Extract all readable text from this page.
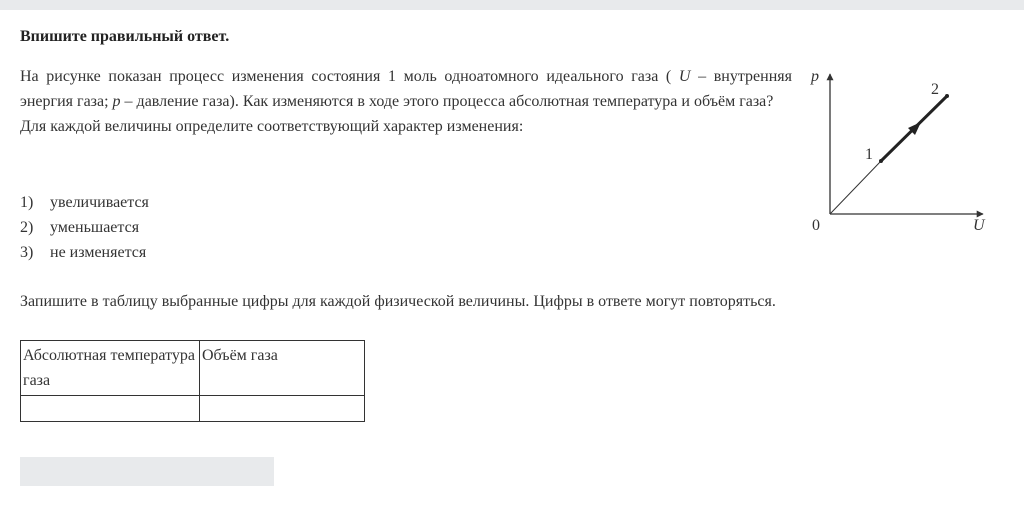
Впишите правильный ответ.

На рисунке показан процесс изменения состояния 1 моль одноатомного идеального газа ( U – внутренняя энергия газа; p – давление газа). Как изменяются в ходе этого процесса абсолютная температура и объём газа?

Для каждой величины определите соответствующий характер изменения:

1)	увеличивается
2)	уменьшается
3)	не изменяется
Запишите в таблицу выбранные цифры для каждой физической величины. Цифры в ответе могут повторяться.
Абсолютная температура газа	Объём газа

p
U
0
1
2
